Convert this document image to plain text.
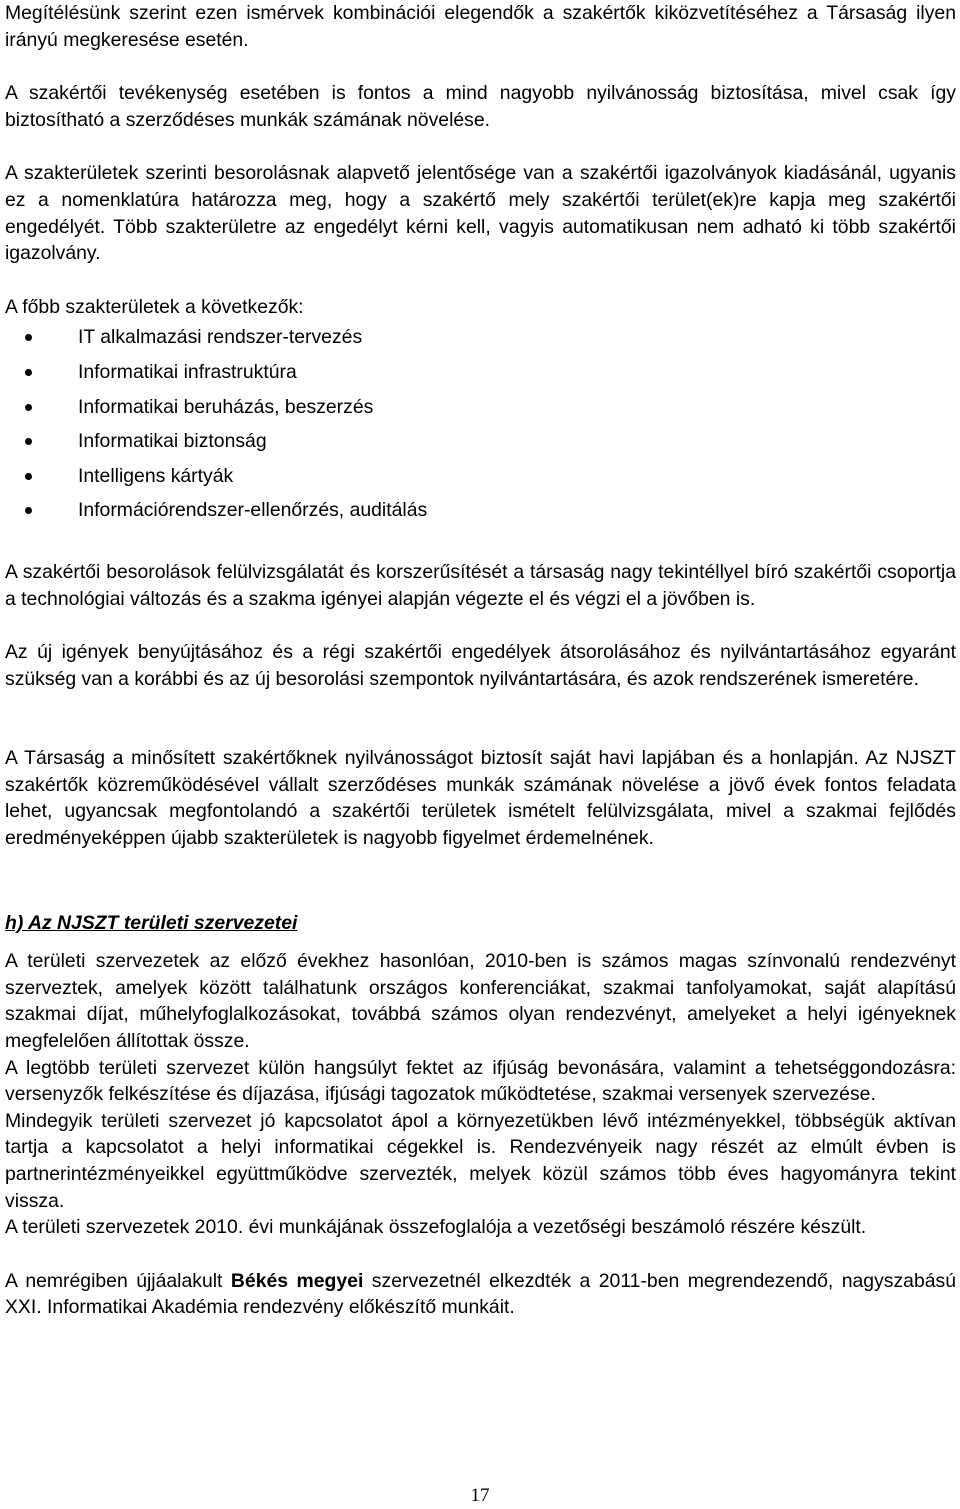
Megítélésünk szerint ezen ismérvek kombinációi elegendők a szakértők kiközvetítéséhez a Társaság ilyen irányú megkeresése esetén.

A szakértői tevékenység esetében is fontos a mind nagyobb nyilvánosság biztosítása, mivel csak így biztosítható a szerződéses munkák számának növelése.

A szakterületek szerinti besorolásnak alapvető jelentősége van a szakértői igazolványok kiadásánál, ugyanis ez a nomenklatúra határozza meg, hogy a szakértő mely szakértői terület(ek)re kapja meg szakértői engedélyét. Több szakterületre az engedélyt kérni kell, vagyis automatikusan nem adható ki több szakértői igazolvány.

A főbb szakterületek a következők:

IT alkalmazási rendszer-tervezés
Informatikai infrastruktúra
Informatikai beruházás, beszerzés
Informatikai biztonság
Intelligens kártyák
Információrendszer-ellenőrzés, auditálás

A szakértői besorolások felülvizsgálatát és korszerűsítését a társaság nagy tekintéllyel bíró szakértői csoportja a technológiai változás és a szakma igényei alapján végezte el és végzi el a jövőben is.

Az új igények benyújtásához és a régi szakértői engedélyek átsorolásához és nyilvántartásához egyaránt szükség van a korábbi és az új besorolási szempontok nyilvántartására, és azok rendszerének ismeretére.

A Társaság a minősített szakértőknek nyilvánosságot biztosít saját havi lapjában és a honlapján. Az NJSZT szakértők közreműködésével vállalt szerződéses munkák számának növelése a jövő évek fontos feladata lehet, ugyancsak megfontolandó a szakértői területek ismételt felülvizsgálata, mivel a szakmai fejlődés eredményeképpen újabb szakterületek is nagyobb figyelmet érdemelnének.

h) Az NJSZT területi szervezetei

A területi szervezetek az előző évekhez hasonlóan, 2010-ben is számos magas színvonalú rendezvényt szerveztek, amelyek között találhatunk országos konferenciákat, szakmai tanfolyamokat, saját alapítású szakmai díjat, műhelyfoglalkozásokat, továbbá számos olyan rendezvényt, amelyeket a helyi igényeknek megfelelően állítottak össze.

A legtöbb területi szervezet külön hangsúlyt fektet az ifjúság bevonására, valamint a tehetséggondozásra: versenyzők felkészítése és díjazása, ifjúsági tagozatok működtetése, szakmai versenyek szervezése.

Mindegyik területi szervezet jó kapcsolatot ápol a környezetükben lévő intézményekkel, többségük aktívan tartja a kapcsolatot a helyi informatikai cégekkel is. Rendezvényeik nagy részét az elmúlt évben is partnerintézményeikkel együttműködve szervezték, melyek közül számos több éves hagyományra tekint vissza.

A területi szervezetek 2010. évi munkájának összefoglalója a vezetőségi beszámoló részére készült.

A nemrégiben újjáalakult Békés megyei szervezetnél elkezdték a 2011-ben megrendezendő, nagyszabású XXI. Informatikai Akadémia rendezvény előkészítő munkáit.

17
